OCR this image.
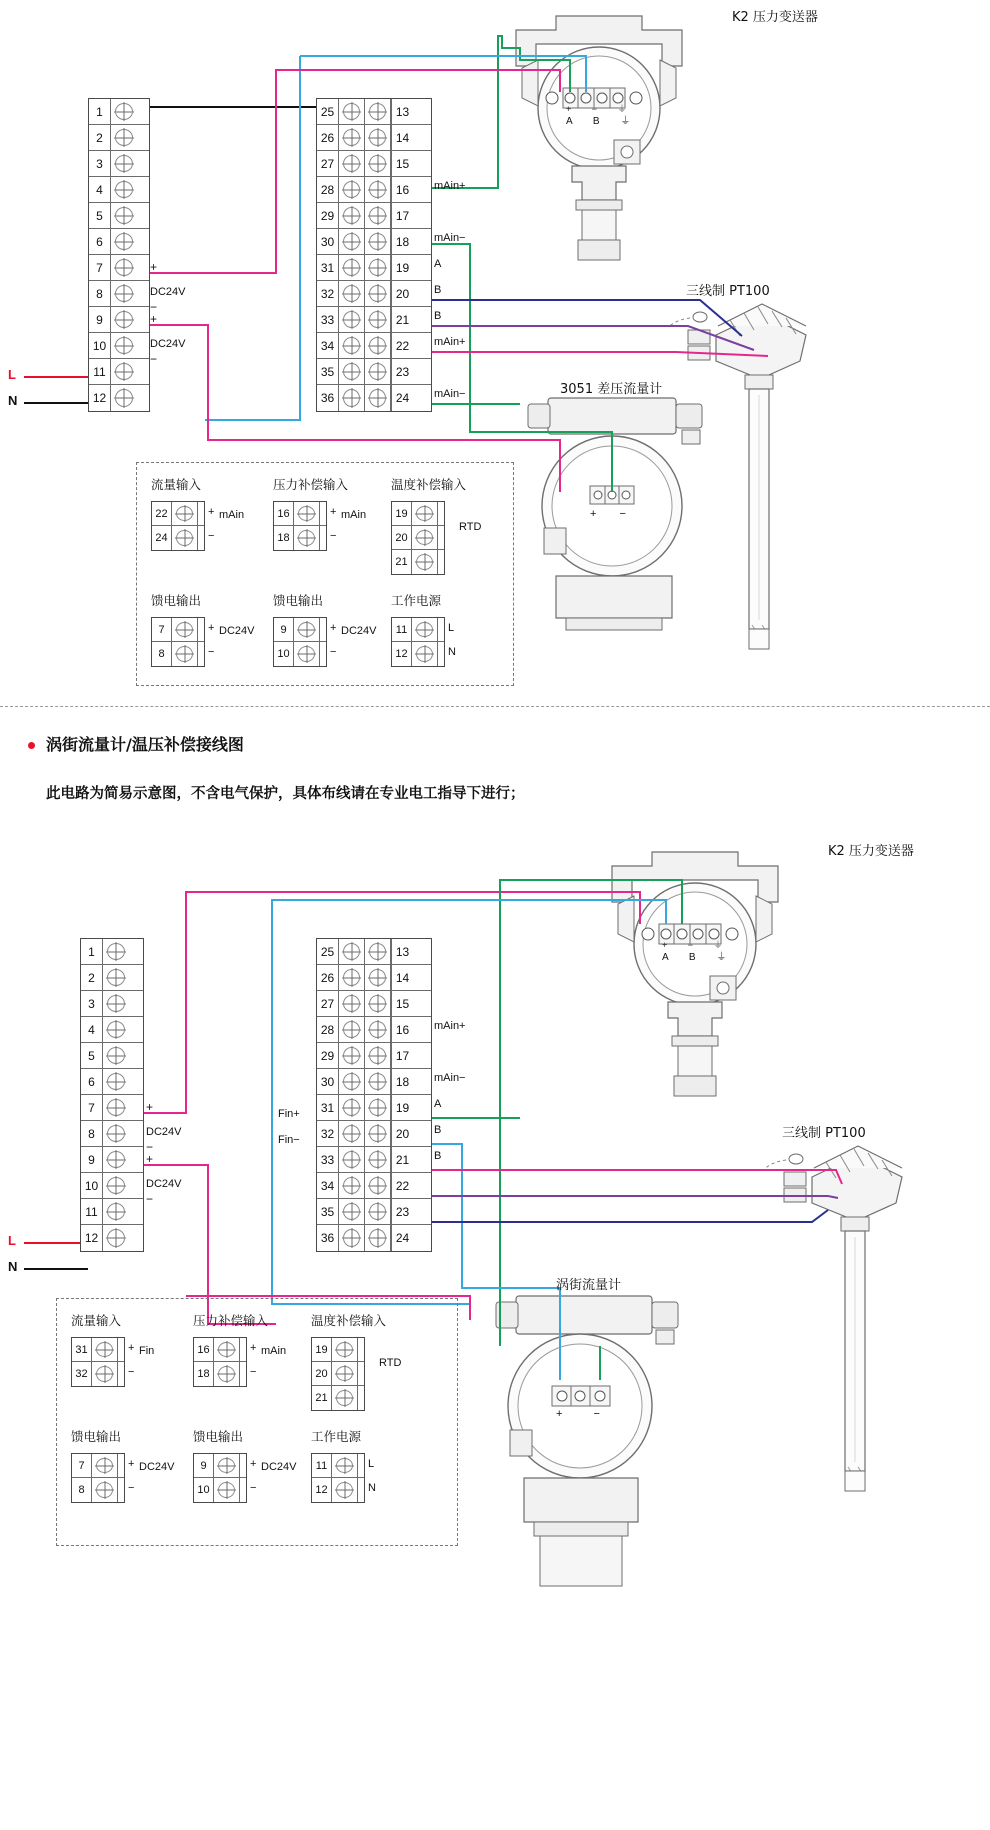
K2 压力变送器
A B ⏚
+ − ⏚
三线制 PT100
3051 差压流量计
+ −
1
2
3
4
5
6
7
8
9
10
11
12
25	13
26	14
27	15
28	16
29	17
30	18
31	19
32	20
33	21
34	22
35	23
36	24
L
N
+
DC24V
−
+
DC24V
−
mAin+
mAin−
A
B
B
mAin+
mAin−
流量输入
22	+
24	−
mAin
压力补偿输入
16	+
18	−
mAin
温度补偿输入
19
20
21
RTD
馈电输出
7	+
8	−
DC24V
馈电输出
9	+
10	−
DC24V
工作电源
11	L
12	N
涡街流量计/温压补偿接线图
此电路为简易示意图，不含电气保护，具体布线请在专业电工指导下进行；
K2 压力变送器
A B ⏚
+ − ⏚
三线制 PT100
涡街流量计
+ −
1
2
3
4
5
6
7
8
9
10
11
12
25	13
26	14
27	15
28	16
29	17
30	18
31	19
32	20
33	21
34	22
35	23
36	24
L
N
+
DC24V
−
+
DC24V
−
Fin+
Fin−
mAin+
mAin−
A
B
B
流量输入
31	+
32	−
Fin
压力补偿输入
16	+
18	−
mAin
温度补偿输入
19
20
21
RTD
馈电输出
7	+
8	−
DC24V
馈电输出
9	+
10	−
DC24V
工作电源
11	L
12	N
